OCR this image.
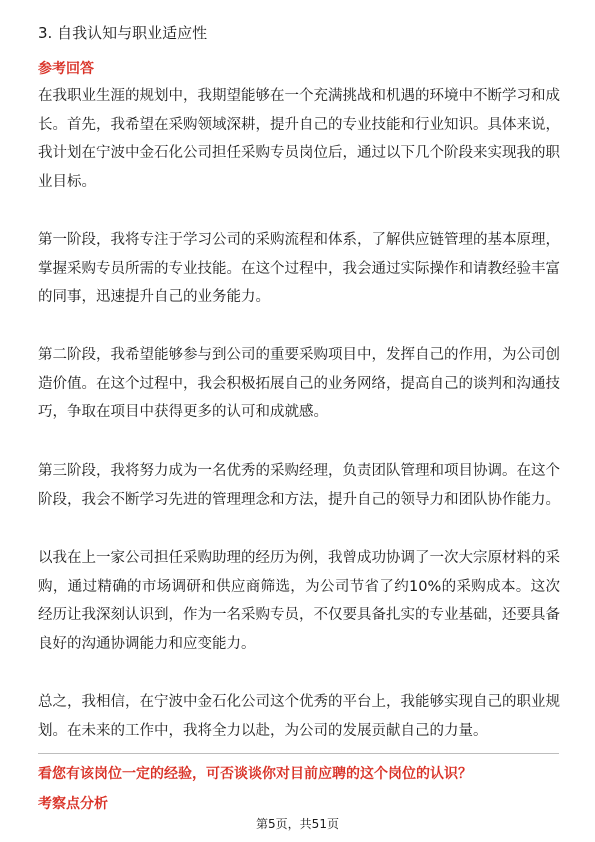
3. 自我认知与职业适应性
参考回答

在我职业生涯的规划中，我期望能够在一个充满挑战和机遇的环境中不断学习和成长。首先，我希望在采购领域深耕，提升自己的专业技能和行业知识。具体来说，我计划在宁波中金石化公司担任采购专员岗位后，通过以下几个阶段来实现我的职业目标。

第一阶段，我将专注于学习公司的采购流程和体系，了解供应链管理的基本原理，掌握采购专员所需的专业技能。在这个过程中，我会通过实际操作和请教经验丰富的同事，迅速提升自己的业务能力。

第二阶段，我希望能够参与到公司的重要采购项目中，发挥自己的作用，为公司创造价值。在这个过程中，我会积极拓展自己的业务网络，提高自己的谈判和沟通技巧，争取在项目中获得更多的认可和成就感。

第三阶段，我将努力成为一名优秀的采购经理，负责团队管理和项目协调。在这个阶段，我会不断学习先进的管理理念和方法，提升自己的领导力和团队协作能力。

以我在上一家公司担任采购助理的经历为例，我曾成功协调了一次大宗原材料的采购，通过精确的市场调研和供应商筛选，为公司节省了约10%的采购成本。这次经历让我深刻认识到，作为一名采购专员，不仅要具备扎实的专业基础，还要具备良好的沟通协调能力和应变能力。

总之，我相信，在宁波中金石化公司这个优秀的平台上，我能够实现自己的职业规划。在未来的工作中，我将全力以赴，为公司的发展贡献自己的力量。

看您有该岗位一定的经验，可否谈谈你对目前应聘的这个岗位的认识？
考察点分析
第5页，共51页
